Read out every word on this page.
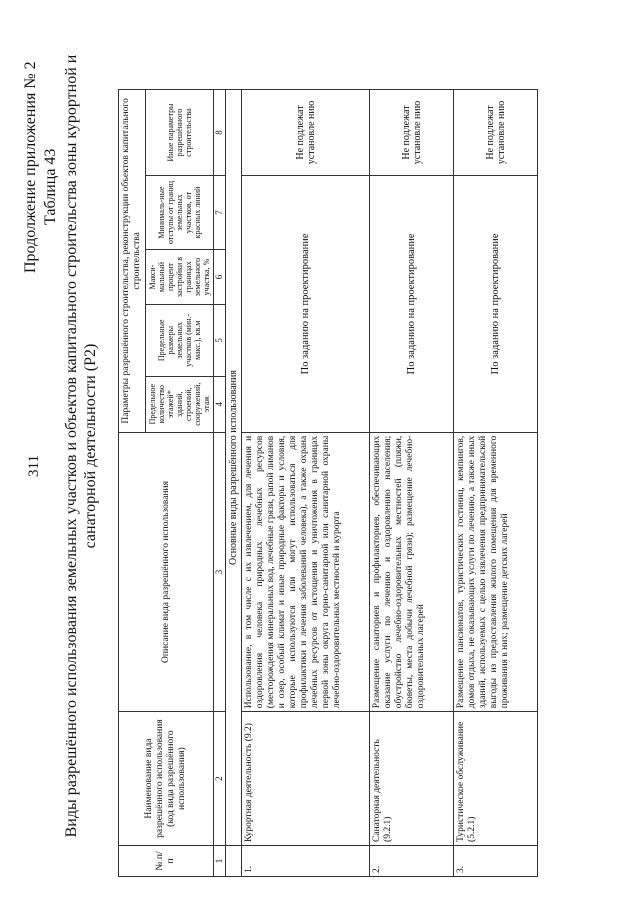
311
Продолжение приложения № 2 Таблица 43 Виды разрешённого использования земельных участков и объектов капитального строительства зоны курортной и санаторной деятельности (Р2)
№ п/п	Наименование вида разрешённого использования (код вида разрешённого использования)	Описание вида разрешённого использования	Параметры разрешённого строительства, реконструкции объектов капитального строительства				
			Предельное количество этажей* зданий, строений, сооружений, этаж	Предельные размеры земельных участков (мин.-макс.), кв.м	Макси-мальный процент застройки в границах земельного участка, %	Минималь-ные отступы от границ земельных участков, от красных линий	Иные параметры разрешённого строительства
1	2	3	4	5	6	7	8
	Основные виды разрешённого использования						
1.	Курортная деятельность (9.2)	Использование, в том числе с их извлечением, для лечения и оздоровления человека природных лечебных ресурсов (месторождения минеральных вод, лечебные грязи, рапой лиманов и озер, особый климат и иные природные факторы и условия, которые используются или могут использоваться для профилактики и лечения заболеваний человека), а также охрана лечебных ресурсов от истощения и уничтожения в границах первой зоны округа горно-санитарной или санитарной охраны лечебно-оздоровительных местностей и курорта	По заданию на проектирование				Не подлежат установле нию
2.	Санаторная деятельность (9.2.1)	Размещение санаториев и профилакториев, обеспечивающих оказание услуги по лечению и оздоровлению населения; обустройство лечебно-оздоровительных местностей (пляжи, бюветы, места добычи лечебной грязи); размещение лечебно-оздоровительных лагерей	По заданию на проектирование				Не подлежат установле нию
3.	Туристическое обслуживание (5.2.1)	Размещение пансионатов, туристических гостиниц, кемпингов, домов отдыха, не оказывающих услуги по лечению, а также иных зданий, используемых с целью извлечения предпринимательской выгоды из предоставления жилого помещения для временного проживания в них; размещение детских лагерей	По заданию на проектирование				Не подлежат установле нию
